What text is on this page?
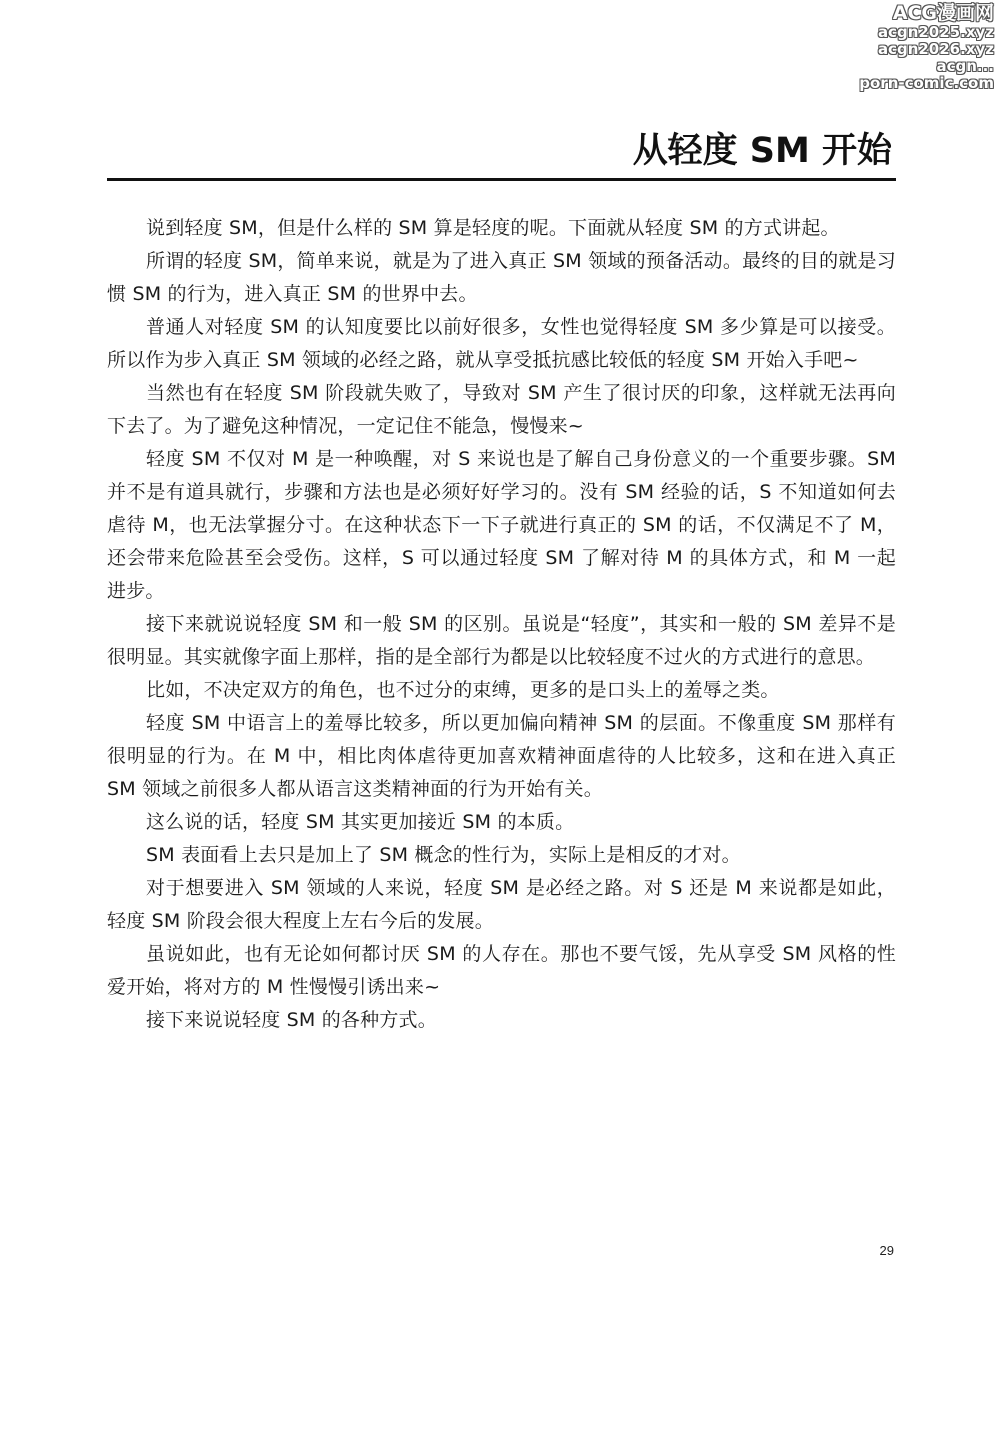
ACG漫画网
acgn2025.xyz
acgn2026.xyz
acgn...
porn-comic.com
从轻度 SM 开始

说到轻度 SM，但是什么样的 SM 算是轻度的呢。下面就从轻度 SM 的方式讲起。

所谓的轻度 SM，简单来说，就是为了进入真正 SM 领域的预备活动。最终的目的就是习惯 SM 的行为，进入真正 SM 的世界中去。

普通人对轻度 SM 的认知度要比以前好很多，女性也觉得轻度 SM 多少算是可以接受。所以作为步入真正 SM 领域的必经之路，就从享受抵抗感比较低的轻度 SM 开始入手吧~

当然也有在轻度 SM 阶段就失败了，导致对 SM 产生了很讨厌的印象，这样就无法再向下去了。为了避免这种情况，一定记住不能急，慢慢来~

轻度 SM 不仅对 M 是一种唤醒，对 S 来说也是了解自己身份意义的一个重要步骤。SM 并不是有道具就行，步骤和方法也是必须好好学习的。没有 SM 经验的话，S 不知道如何去虐待 M，也无法掌握分寸。在这种状态下一下子就进行真正的 SM 的话，不仅满足不了 M，还会带来危险甚至会受伤。这样，S 可以通过轻度 SM 了解对待 M 的具体方式，和 M 一起进步。

接下来就说说轻度 SM 和一般 SM 的区别。虽说是“轻度”，其实和一般的 SM 差异不是很明显。其实就像字面上那样，指的是全部行为都是以比较轻度不过火的方式进行的意思。

比如，不决定双方的角色，也不过分的束缚，更多的是口头上的羞辱之类。

轻度 SM 中语言上的羞辱比较多，所以更加偏向精神 SM 的层面。不像重度 SM 那样有很明显的行为。在 M 中，相比肉体虐待更加喜欢精神面虐待的人比较多，这和在进入真正 SM 领域之前很多人都从语言这类精神面的行为开始有关。

这么说的话，轻度 SM 其实更加接近 SM 的本质。

SM 表面看上去只是加上了 SM 概念的性行为，实际上是相反的才对。

对于想要进入 SM 领域的人来说，轻度 SM 是必经之路。对 S 还是 M 来说都是如此，轻度 SM 阶段会很大程度上左右今后的发展。

虽说如此，也有无论如何都讨厌 SM 的人存在。那也不要气馁，先从享受 SM 风格的性爱开始，将对方的 M 性慢慢引诱出来~

接下来说说轻度 SM 的各种方式。

29
